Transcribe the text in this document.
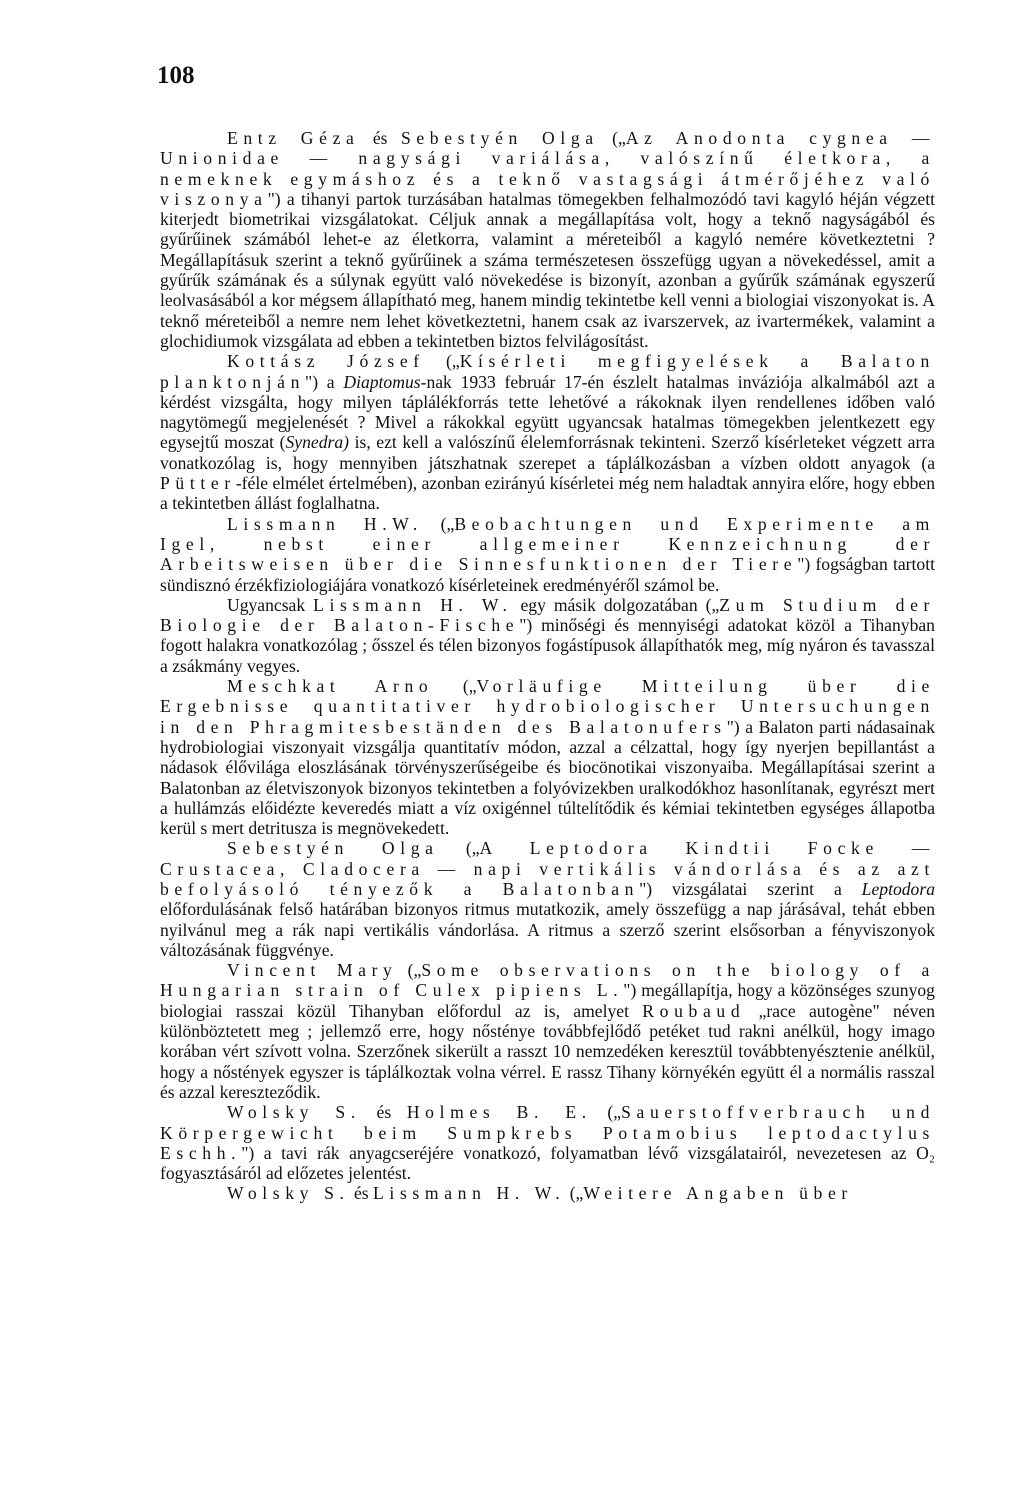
108

Entz Géza és Sebestyén Olga („Az Anodonta cygnea — Unionidae — nagysági variálása, valószínű életkora, a nemeknek egymáshoz és a teknő vastagsági átmérőjéhez való viszonya") a tihanyi partok turzásában hatalmas tömegekben felhalmozódó tavi kagyló héján végzett kiterjedt biometrikai vizsgálatokat. Céljuk annak a megállapítása volt, hogy a teknő nagyságából és gyűrűinek számából lehet-e az életkorra, valamint a méreteiből a kagyló nemére következtetni ? Megállapításuk szerint a teknő gyűrűinek a száma természetesen összefügg ugyan a növekedéssel, amit a gyűrűk számának és a súlynak együtt való növekedése is bizonyít, azonban a gyűrűk számának egyszerű leolvasásából a kor mégsem állapítható meg, hanem mindig tekintetbe kell venni a biologiai viszonyokat is. A teknő méreteiből a nemre nem lehet következtetni, hanem csak az ivarszervek, az ivartermékek, valamint a glochidiumok vizsgálata ad ebben a tekintetben biztos felvilágosítást.

Kottász József („Kísérleti megfigyelések a Balaton planktonján") a Diaptomus-nak 1933 február 17-én észlelt hatalmas inváziója alkalmából azt a kérdést vizsgálta, hogy milyen táplálékforrás tette lehetővé a rákoknak ilyen rendellenes időben való nagytömegű megjelenését ? Mivel a rákokkal együtt ugyancsak hatalmas tömegekben jelentkezett egy egysejtű moszat (Synedra) is, ezt kell a valószínű élelemforrásnak tekinteni. Szerző kísérleteket végzett arra vonatkozólag is, hogy mennyiben játszhatnak szerepet a táplálkozásban a vízben oldott anyagok (a Pütter-féle elmélet értelmében), azonban ezirányú kísérletei még nem haladtak annyira előre, hogy ebben a tekintetben állást foglalhatna.

Lissmann H.W. („Beobachtungen und Experimente am Igel, nebst einer allgemeiner Kennzeichnung der Arbeitsweisen über die Sinnesfunktionen der Tiere") fogságban tartott sündisznó érzékfiziologiájára vonatkozó kísérleteinek eredményéről számol be.

Ugyancsak Lissmann H. W. egy másik dolgozatában („Zum Studium der Biologie der Balaton-Fische") minőségi és mennyiségi adatokat közöl a Tihanyban fogott halakra vonatkozólag ; ősszel és télen bizonyos fogástípusok állapíthatók meg, míg nyáron és tavasszal a zsákmány vegyes.

Meschkat Arno („Vorläufige Mitteilung über die Ergebnisse quantitativer hydrobiologischer Untersuchungen in den Phragmitesbeständen des Balatonufers") a Balaton parti nádasainak hydrobiologiai viszonyait vizsgálja quantitatív módon, azzal a célzattal, hogy így nyerjen bepillantást a nádasok élővilága eloszlásának törvényszerűségeibe és biocönotikai viszonyaiba. Megállapításai szerint a Balatonban az életviszonyok bizonyos tekintetben a folyóvizekben uralkodókhoz hasonlítanak, egyrészt mert a hullámzás előidézte keveredés miatt a víz oxigénnel túltelítődik és kémiai tekintetben egységes állapotba kerül s mert detritusza is megnövekedett.

Sebestyén Olga („A Leptodora Kindtii Focke — Crustacea, Cladocera — napi vertikális vándorlása és az azt befolyásoló tényezők a Balatonban") vizsgálatai szerint a Leptodora előfordulásának felső határában bizonyos ritmus mutatkozik, amely összefügg a nap járásával, tehát ebben nyilvánul meg a rák napi vertikális vándorlása. A ritmus a szerző szerint elsősorban a fényviszonyok változásának függvénye.

Vincent Mary („Some observations on the biology of a Hungarian strain of Culex pipiens L.") megállapítja, hogy a közönséges szunyog biologiai rasszai közül Tihanyban előfordul az is, amelyet Roubaud „race autogène" néven különböztetett meg ; jellemző erre, hogy nősténye továbbfejlődő petéket tud rakni anélkül, hogy imago korában vért szívott volna. Szerzőnek sikerült a rasszt 10 nemzedéken keresztül továbbtenyésztenie anélkül, hogy a nőstények egyszer is táplálkoztak volna vérrel. E rassz Tihany környékén együtt él a normális rasszal és azzal kereszteződik.

Wolsky S. és Holmes B. E. („Sauerstoffverbrauch und Körpergewicht beim Sumpkrebs Potamobius leptodactylus Eschh.") a tavi rák anyagcseréjére vonatkozó, folyamatban lévő vizsgálatairól, nevezetesen az O₂ fogyasztásáról ad előzetes jelentést.

Wolsky S. és Lissmann H. W. („Weitere Angaben über
